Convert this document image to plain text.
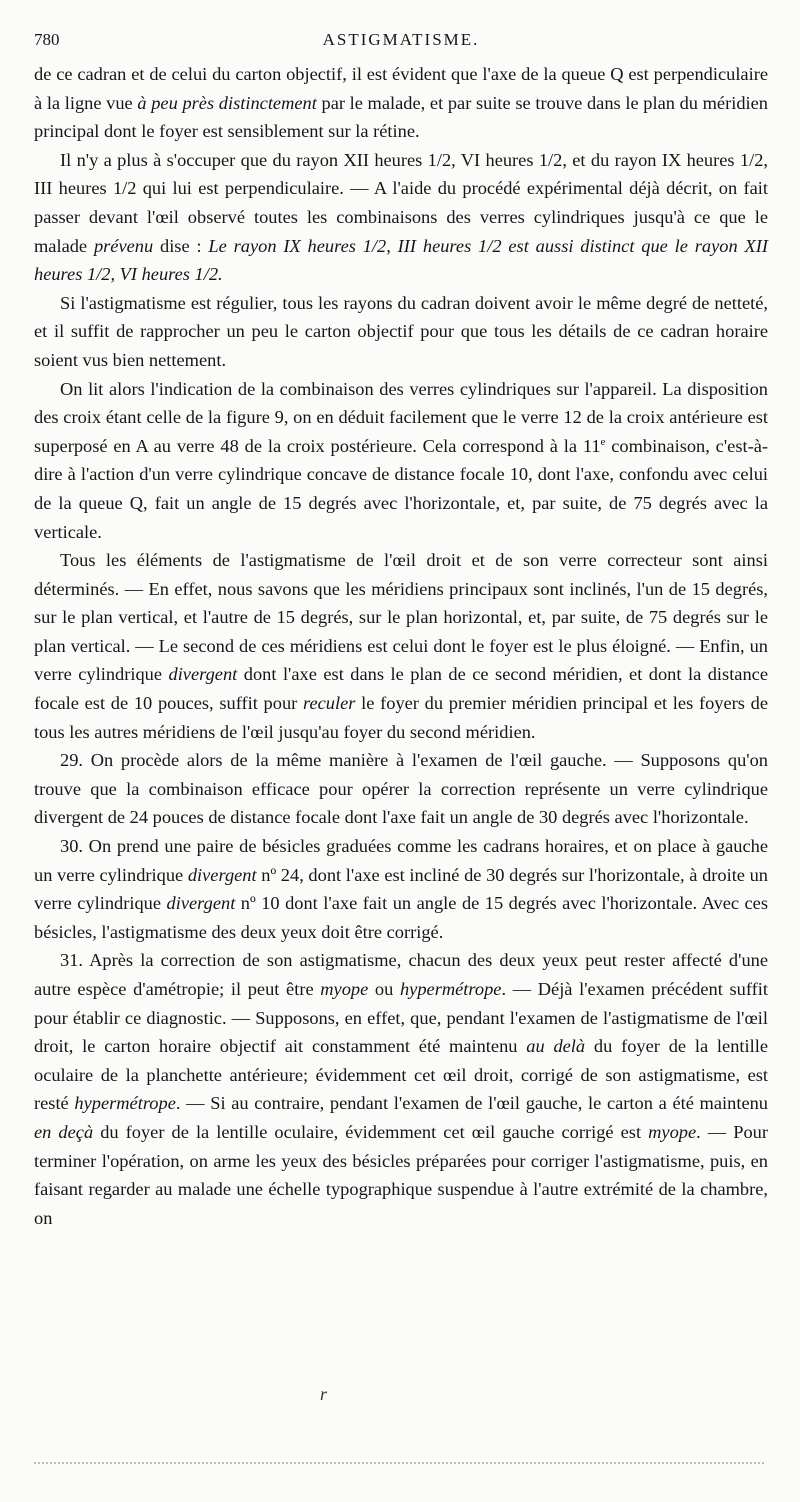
780	ASTIGMATISME.

de ce cadran et de celui du carton objectif, il est évident que l'axe de la queue Q est perpendiculaire à la ligne vue à peu près distinctement par le malade, et par suite se trouve dans le plan du méridien principal dont le foyer est sensiblement sur la rétine.

Il n'y a plus à s'occuper que du rayon XII heures 1/2, VI heures 1/2, et du rayon IX heures 1/2, III heures 1/2 qui lui est perpendiculaire. — A l'aide du procédé expérimental déjà décrit, on fait passer devant l'œil observé toutes les combinaisons des verres cylindriques jusqu'à ce que le malade prévenu dise : Le rayon IX heures 1/2, III heures 1/2 est aussi distinct que le rayon XII heures 1/2, VI heures 1/2.

Si l'astigmatisme est régulier, tous les rayons du cadran doivent avoir le même degré de netteté, et il suffit de rapprocher un peu le carton objectif pour que tous les détails de ce cadran horaire soient vus bien nettement.

On lit alors l'indication de la combinaison des verres cylindriques sur l'appareil. La disposition des croix étant celle de la figure 9, on en déduit facilement que le verre 12 de la croix antérieure est superposé en A au verre 48 de la croix postérieure. Cela correspond à la 11e combinaison, c'est-à-dire à l'action d'un verre cylindrique concave de distance focale 10, dont l'axe, confondu avec celui de la queue Q, fait un angle de 15 degrés avec l'horizontale, et, par suite, de 75 degrés avec la verticale.

Tous les éléments de l'astigmatisme de l'œil droit et de son verre correcteur sont ainsi déterminés. — En effet, nous savons que les méridiens principaux sont inclinés, l'un de 15 degrés, sur le plan vertical, et l'autre de 15 degrés, sur le plan horizontal, et, par suite, de 75 degrés sur le plan vertical. — Le second de ces méridiens est celui dont le foyer est le plus éloigné. — Enfin, un verre cylindrique divergent dont l'axe est dans le plan de ce second méridien, et dont la distance focale est de 10 pouces, suffit pour reculer le foyer du premier méridien principal et les foyers de tous les autres méridiens de l'œil jusqu'au foyer du second méridien.

29. On procède alors de la même manière à l'examen de l'œil gauche. — Supposons qu'on trouve que la combinaison efficace pour opérer la correction représente un verre cylindrique divergent de 24 pouces de distance focale dont l'axe fait un angle de 30 degrés avec l'horizontale.

30. On prend une paire de bésicles graduées comme les cadrans horaires, et on place à gauche un verre cylindrique divergent nº 24, dont l'axe est incliné de 30 degrés sur l'horizontale, à droite un verre cylindrique divergent nº 10 dont l'axe fait un angle de 15 degrés avec l'horizontale. Avec ces bésicles, l'astigmatisme des deux yeux doit être corrigé.

31. Après la correction de son astigmatisme, chacun des deux yeux peut rester affecté d'une autre espèce d'amétropie; il peut être myope ou hypermétrope. — Déjà l'examen précédent suffit pour établir ce diagnostic. — Supposons, en effet, que, pendant l'examen de l'astigmatisme de l'œil droit, le carton horaire objectif ait constamment été maintenu au delà du foyer de la lentille oculaire de la planchette antérieure; évidemment cet œil droit, corrigé de son astigmatisme, est resté hypermétrope. — Si au contraire, pendant l'examen de l'œil gauche, le carton a été maintenu en deçà du foyer de la lentille oculaire, évidemment cet œil gauche corrigé est myope. — Pour terminer l'opération, on arme les yeux des bésicles préparées pour corriger l'astigmatisme, puis, en faisant regarder au malade une échelle typographique suspendue à l'autre extrémité de la chambre, on

r
